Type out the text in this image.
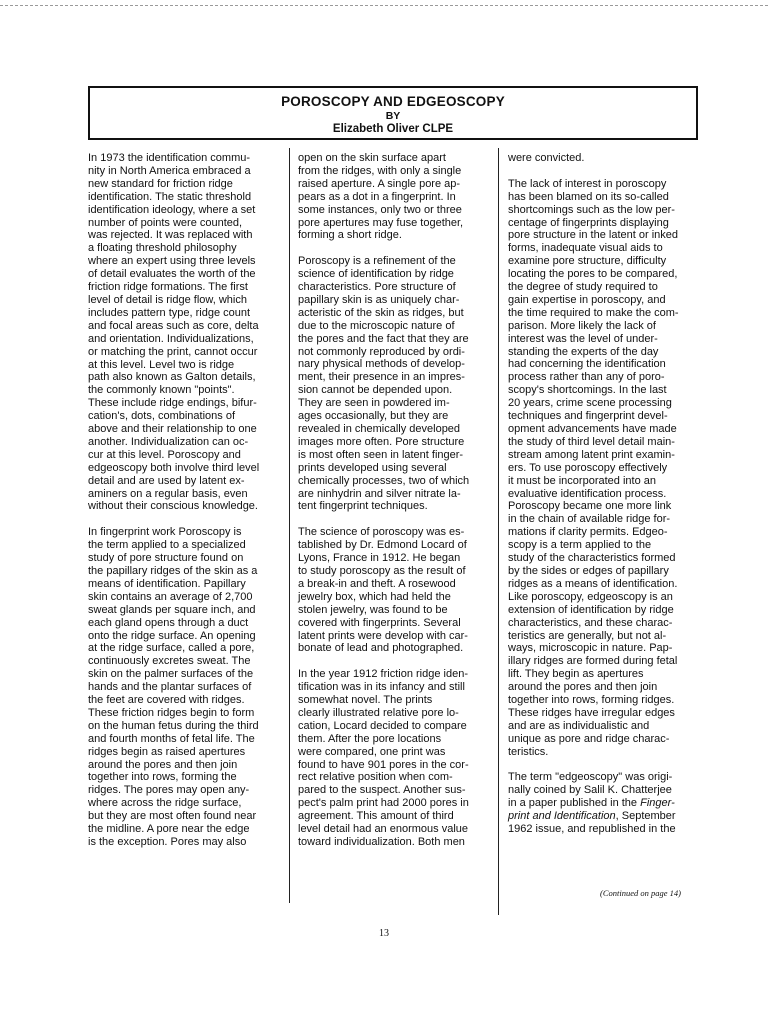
POROSCOPY AND EDGEOSCOPY
BY
Elizabeth Oliver CLPE

In 1973 the identification commu-
nity in North America embraced a
new standard for friction ridge
identification. The static threshold
identification ideology, where a set
number of points were counted,
was rejected. It was replaced with
a floating threshold philosophy
where an expert using three levels
of detail evaluates the worth of the
friction ridge formations. The first
level of detail is ridge flow, which
includes pattern type, ridge count
and focal areas such as core, delta
and orientation. Individualizations,
or matching the print, cannot occur
at this level. Level two is ridge
path also known as Galton details,
the commonly known "points".
These include ridge endings, bifur-
cation's, dots, combinations of
above and their relationship to one
another. Individualization can oc-
cur at this level. Poroscopy and
edgeoscopy both involve third level
detail and are used by latent ex-
aminers on a regular basis, even
without their conscious knowledge.

In fingerprint work Poroscopy is
the term applied to a specialized
study of pore structure found on
the papillary ridges of the skin as a
means of identification. Papillary
skin contains an average of 2,700
sweat glands per square inch, and
each gland opens through a duct
onto the ridge surface. An opening
at the ridge surface, called a pore,
continuously excretes sweat. The
skin on the palmer surfaces of the
hands and the plantar surfaces of
the feet are covered with ridges.
These friction ridges begin to form
on the human fetus during the third
and fourth months of fetal life. The
ridges begin as raised apertures
around the pores and then join
together into rows, forming the
ridges. The pores may open any-
where across the ridge surface,
but they are most often found near
the midline. A pore near the edge
is the exception. Pores may also

open on the skin surface apart
from the ridges, with only a single
raised aperture. A single pore ap-
pears as a dot in a fingerprint. In
some instances, only two or three
pore apertures may fuse together,
forming a short ridge.

Poroscopy is a refinement of the
science of identification by ridge
characteristics. Pore structure of
papillary skin is as uniquely char-
acteristic of the skin as ridges, but
due to the microscopic nature of
the pores and the fact that they are
not commonly reproduced by ordi-
nary physical methods of develop-
ment, their presence in an impres-
sion cannot be depended upon.
They are seen in powdered im-
ages occasionally, but they are
revealed in chemically developed
images more often. Pore structure
is most often seen in latent finger-
prints developed using several
chemically processes, two of which
are ninhydrin and silver nitrate la-
tent fingerprint techniques.

The science of poroscopy was es-
tablished by Dr. Edmond Locard of
Lyons, France in 1912. He began
to study poroscopy as the result of
a break-in and theft. A rosewood
jewelry box, which had held the
stolen jewelry, was found to be
covered with fingerprints. Several
latent prints were develop with car-
bonate of lead and photographed.

In the year 1912 friction ridge iden-
tification was in its infancy and still
somewhat novel. The prints
clearly illustrated relative pore lo-
cation, Locard decided to compare
them. After the pore locations
were compared, one print was
found to have 901 pores in the cor-
rect relative position when com-
pared to the suspect. Another sus-
pect's palm print had 2000 pores in
agreement. This amount of third
level detail had an enormous value
toward individualization. Both men

were convicted.

The lack of interest in poroscopy
has been blamed on its so-called
shortcomings such as the low per-
centage of fingerprints displaying
pore structure in the latent or inked
forms, inadequate visual aids to
examine pore structure, difficulty
locating the pores to be compared,
the degree of study required to
gain expertise in poroscopy, and
the time required to make the com-
parison. More likely the lack of
interest was the level of under-
standing the experts of the day
had concerning the identification
process rather than any of poro-
scopy's shortcomings. In the last
20 years, crime scene processing
techniques and fingerprint devel-
opment advancements have made
the study of third level detail main-
stream among latent print examin-
ers. To use poroscopy effectively
it must be incorporated into an
evaluative identification process.
Poroscopy became one more link
in the chain of available ridge for-
mations if clarity permits. Edgeo-
scopy is a term applied to the
study of the characteristics formed
by the sides or edges of papillary
ridges as a means of identification.
Like poroscopy, edgeoscopy is an
extension of identification by ridge
characteristics, and these charac-
teristics are generally, but not al-
ways, microscopic in nature. Pap-
illary ridges are formed during fetal
lift. They begin as apertures
around the pores and then join
together into rows, forming ridges.
These ridges have irregular edges
and are as individualistic and
unique as pore and ridge charac-
teristics.

The term "edgeoscopy" was origi-
nally coined by Salil K. Chatterjee
in a paper published in the Finger-
print and Identification, September
1962 issue, and republished in the

(Continued on page 14)
13
